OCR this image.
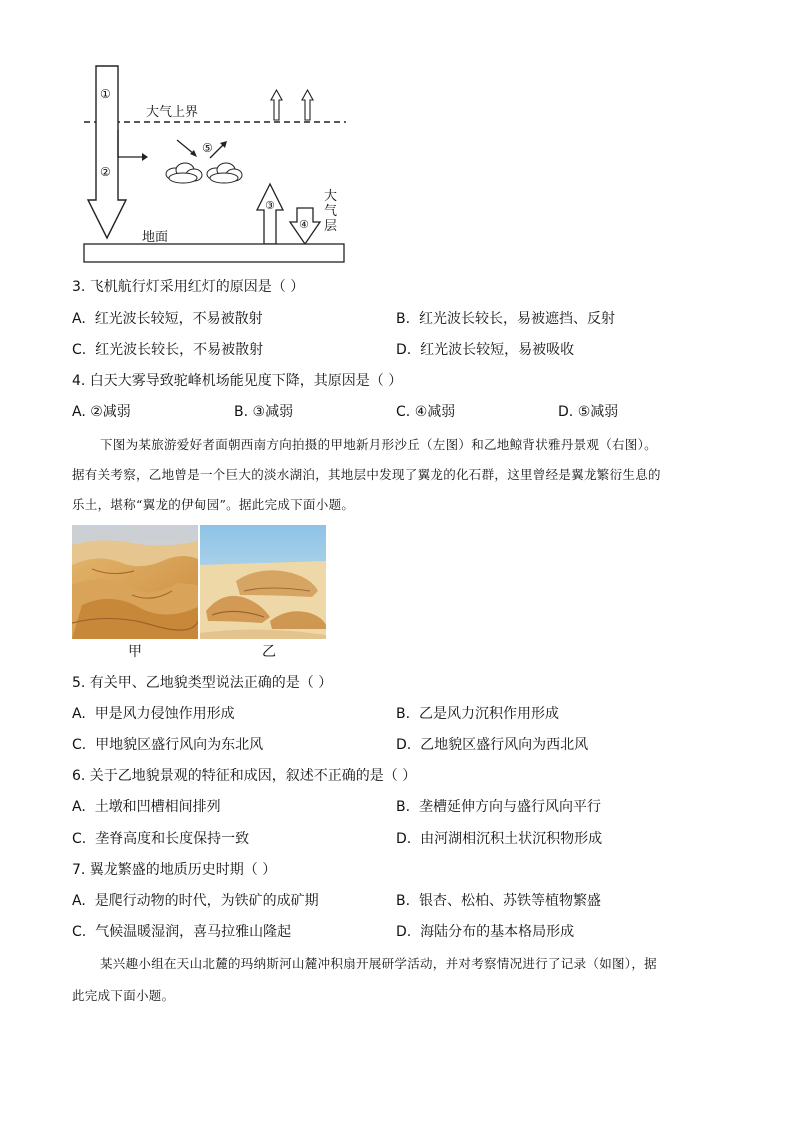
大气上界
①
②
⑤
③
④
大
气
层
地面
3. 飞机航行灯采用红灯的原因是（ ）
A. 红光波长较短，不易被散射	B. 红光波长较长，易被遮挡、反射
C. 红光波长较长，不易被散射	D. 红光波长较短，易被吸收
4. 白天大雾导致驼峰机场能见度下降，其原因是（ ）
A. ②减弱	B. ③减弱	C. ④减弱	D. ⑤减弱
下图为某旅游爱好者面朝西南方向拍摄的甲地新月形沙丘（左图）和乙地鲸背状雅丹景观（右图）。
据有关考察，乙地曾是一个巨大的淡水湖泊，其地层中发现了翼龙的化石群，这里曾经是翼龙繁衍生息的
乐土，堪称“翼龙的伊甸园”。据此完成下面小题。
甲	乙
5. 有关甲、乙地貌类型说法正确的是（ ）
A. 甲是风力侵蚀作用形成	B. 乙是风力沉积作用形成
C. 甲地貌区盛行风向为东北风	D. 乙地貌区盛行风向为西北风
6. 关于乙地貌景观的特征和成因，叙述不正确的是（ ）
A. 土墩和凹槽相间排列	B. 垄槽延伸方向与盛行风向平行
C. 垄脊高度和长度保持一致	D. 由河湖相沉积土状沉积物形成
7. 翼龙繁盛的地质历史时期（ ）
A. 是爬行动物的时代，为铁矿的成矿期	B. 银杏、松柏、苏铁等植物繁盛
C. 气候温暖湿润，喜马拉雅山隆起	D. 海陆分布的基本格局形成
某兴趣小组在天山北麓的玛纳斯河山麓冲积扇开展研学活动，并对考察情况进行了记录（如图），据
此完成下面小题。
